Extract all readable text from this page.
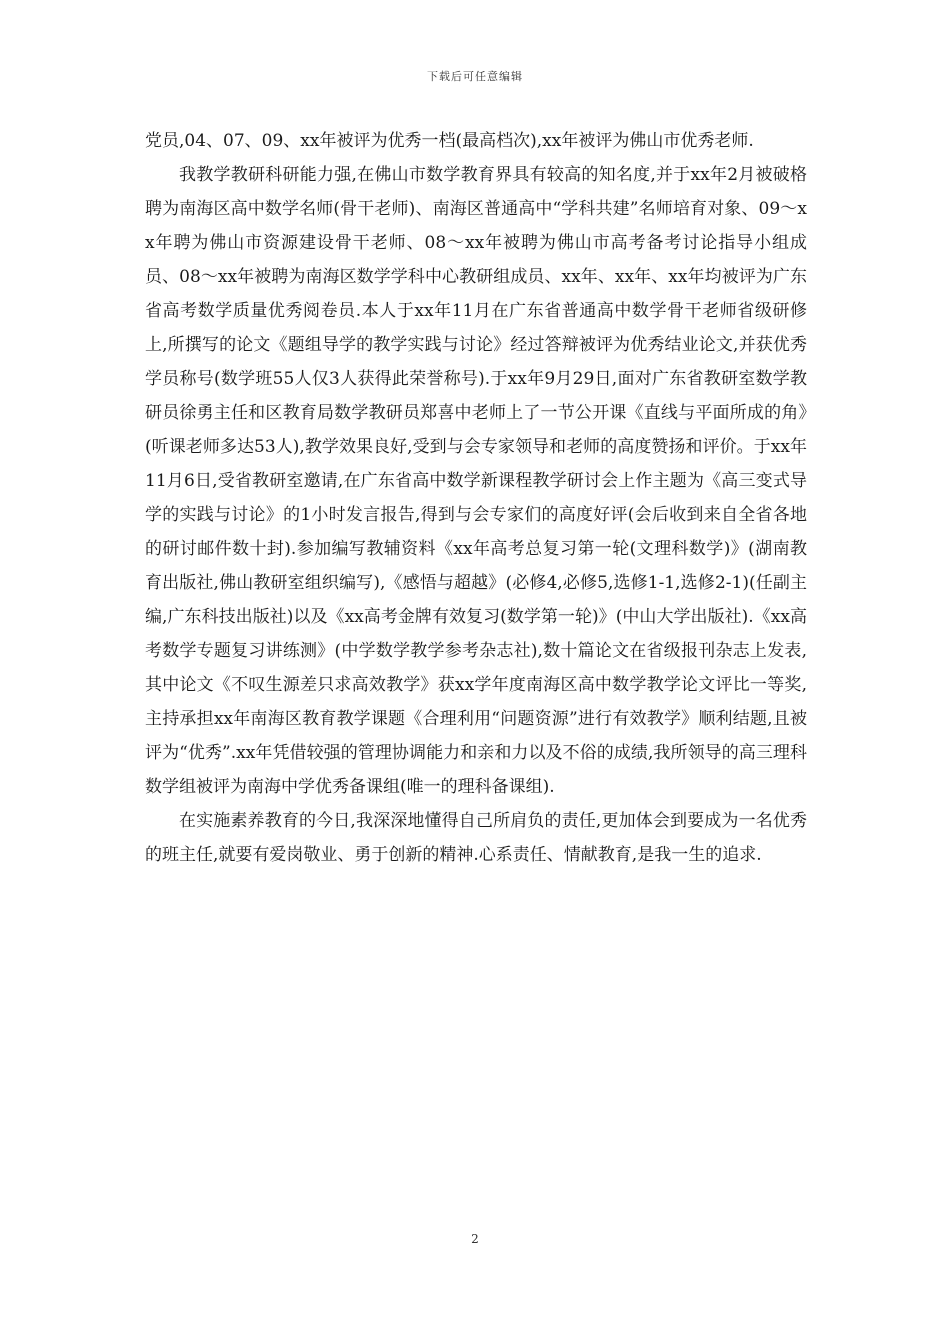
下载后可任意编辑

党员,04、07、09、xx年被评为优秀一档(最高档次),xx年被评为佛山市优秀老师.

我教学教研科研能力强,在佛山市数学教育界具有较高的知名度,并于xx年2月被破格聘为南海区高中数学名师(骨干老师)、南海区普通高中“学科共建”名师培育对象、09～xx年聘为佛山市资源建设骨干老师、08～xx年被聘为佛山市高考备考讨论指导小组成员、08～xx年被聘为南海区数学学科中心教研组成员、xx年、xx年、xx年均被评为广东省高考数学质量优秀阅卷员.本人于xx年11月在广东省普通高中数学骨干老师省级研修上,所撰写的论文《题组导学的教学实践与讨论》经过答辩被评为优秀结业论文,并获优秀学员称号(数学班55人仅3人获得此荣誉称号).于xx年9月29日,面对广东省教研室数学教研员徐勇主任和区教育局数学教研员郑喜中老师上了一节公开课《直线与平面所成的角》(听课老师多达53人),教学效果良好,受到与会专家领导和老师的高度赞扬和评价。于xx年11月6日,受省教研室邀请,在广东省高中数学新课程教学研讨会上作主题为《高三变式导学的实践与讨论》的1小时发言报告,得到与会专家们的高度好评(会后收到来自全省各地的研讨邮件数十封).参加编写教辅资料《xx年高考总复习第一轮(文理科数学)》(湖南教育出版社,佛山教研室组织编写),《感悟与超越》(必修4,必修5,选修1-1,选修2-1)(任副主编,广东科技出版社)以及《xx高考金牌有效复习(数学第一轮)》(中山大学出版社).《xx高考数学专题复习讲练测》(中学数学教学参考杂志社),数十篇论文在省级报刊杂志上发表,其中论文《不叹生源差只求高效教学》获xx学年度南海区高中数学教学论文评比一等奖,主持承担xx年南海区教育教学课题《合理利用“问题资源”进行有效教学》顺利结题,且被评为“优秀”.xx年凭借较强的管理协调能力和亲和力以及不俗的成绩,我所领导的高三理科数学组被评为南海中学优秀备课组(唯一的理科备课组).

在实施素养教育的今日,我深深地懂得自己所肩负的责任,更加体会到要成为一名优秀的班主任,就要有爱岗敬业、勇于创新的精神.心系责任、情献教育,是我一生的追求.

2
